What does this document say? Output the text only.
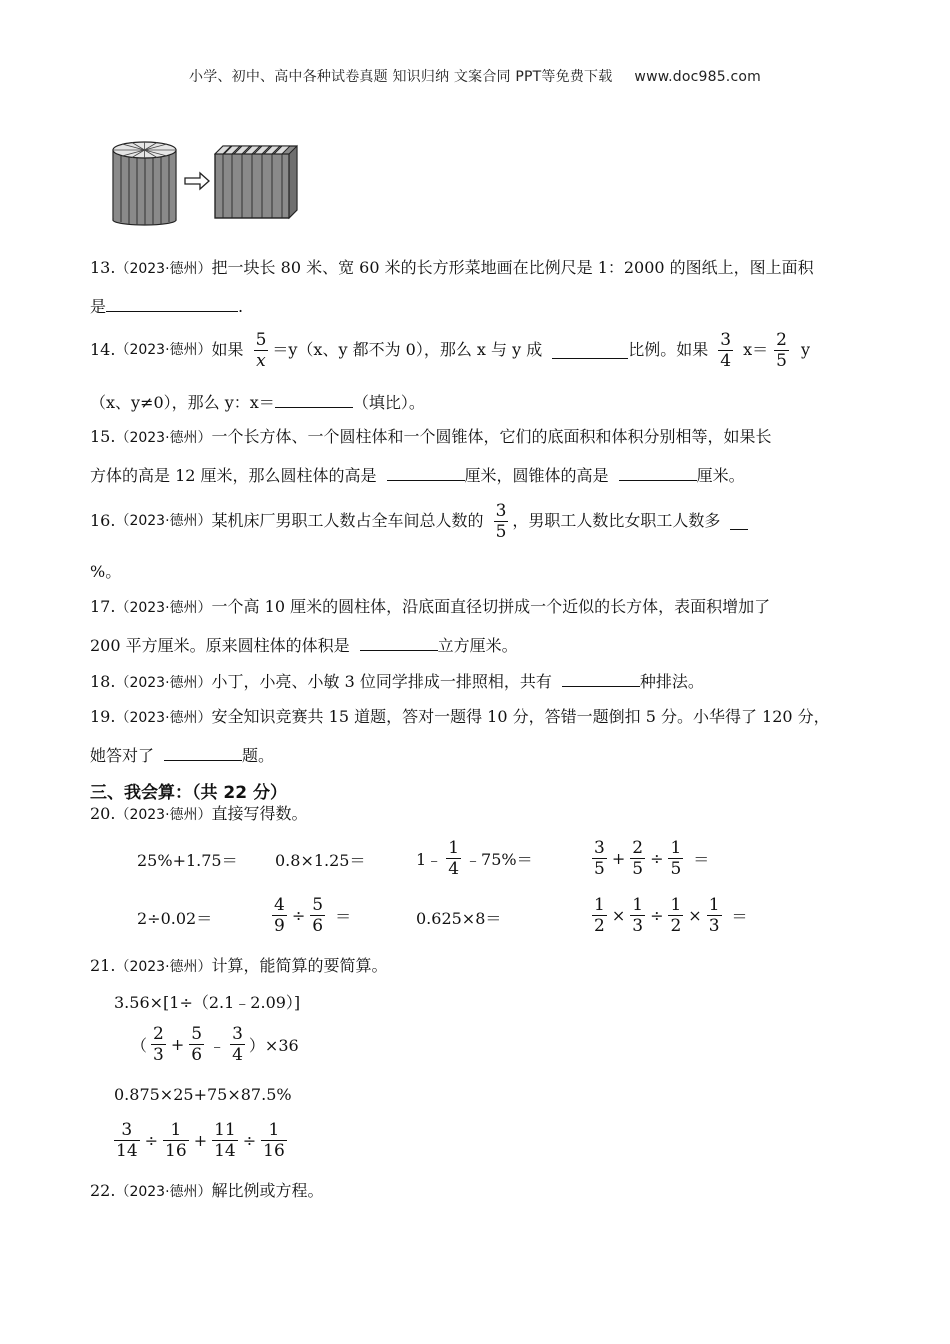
小学、初中、高中各种试卷真题 知识归纳 文案合同 PPT等免费下载 www.doc985.com
13.（2023·德州）把一块长 80 米、宽 60 米的长方形菜地画在比例尺是 1：2000 的图纸上，图上面积
是	.
14. （2023·德州） 如果 $\frac{5}{x} =y(x$、y 都不为 0），那么 x 与 y 成	比例。如果 $\frac{3}{4} x= \frac{2}{5}$ y
（x、y≠0），那么 y：x＝	（填比）。
15.（2023·德州）一个长方体、一个圆柱体和一个圆锥体，它们的底面积和体积分别相等，如果长
方体的高是 12 厘米，那么圆柱体的高是	厘米，圆锥体的高是	厘米。
16. （2023·德州） 某机床厂男职工人数占全车间总人数的 $\frac{3}{5}$ ，男职工人数比女职工人数多
%。
17.（2023·德州）一个高 10 厘米的圆柱体，沿底面直径切拼成一个近似的长方体，表面积增加了
200 平方厘米。原来圆柱体的体积是	立方厘米。
18.（2023·德州）小丁，小亮、小敏 3 位同学排成一排照相，共有	种排法。
19.（2023·德州）安全知识竞赛共 15 道题，答对一题得 10 分，答错一题倒扣 5 分。小华得了 120 分，
她答对了	题。
三、我会算：（共 22 分）
20.（2023·德州）直接写得数。
25%+1.75＝ 0.8×1.25＝	1﹣ $\frac{1}{4}$ ﹣75%＝	$\frac{3}{5} + \frac{2}{5} \div \frac{1}{5}$ ＝
2÷0.02＝	$\frac{4}{9} \div \frac{5}{6}$ ＝	0.625×8＝	$\frac{1}{2} \times \frac{1}{3} \div \frac{1}{2} \times \frac{1}{3}$ ＝
21.（2023·德州）计算，能简算的要简算。
3.56×[1÷（2.1﹣2.09）]
（ $\frac{2}{3} + \frac{5}{6}$ ﹣ $\frac{3}{4} )\times 36$
0.875×25+75×87.5%
$\frac{3}{14} \div \frac{1}{16} + \frac{11}{14} \div \frac{1}{16}$
22.（2023·德州）解比例或方程。
